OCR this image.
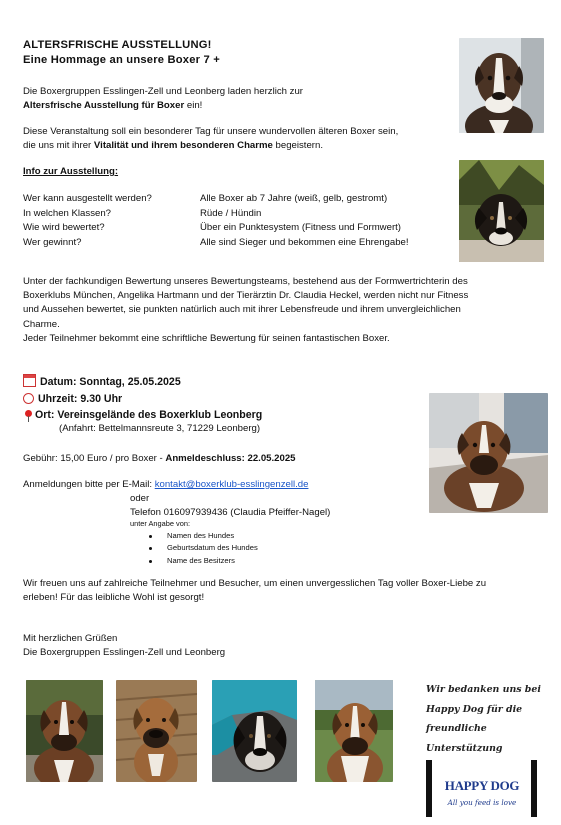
ALTERSFRISCHE AUSSTELLUNG!
Eine Hommage an unsere Boxer 7 +
Die Boxergruppen Esslingen-Zell und Leonberg laden herzlich zur
Altersfrische Ausstellung für Boxer ein!
Diese Veranstaltung soll ein besonderer Tag für unsere wundervollen älteren Boxer sein,
die uns mit ihrer Vitalität und ihrem besonderen Charme begeistern.
Info zur Ausstellung:
Wer kann ausgestellt werden?	Alle Boxer ab 7 Jahre (weiß, gelb, gestromt)
In welchen Klassen?	Rüde / Hündin
Wie wird bewertet?	Über ein Punktesystem (Fitness und Formwert)
Wer gewinnt?	Alle sind Sieger und bekommen eine Ehrengabe!
Unter der fachkundigen Bewertung unseres Bewertungsteams, bestehend aus der Formwertrichterin des
Boxerklubs München, Angelika Hartmann und der Tierärztin Dr. Claudia Heckel, werden nicht nur Fitness
und Aussehen bewertet, sie punkten natürlich auch mit ihrer Lebensfreude und ihrem unvergleichlichen
Charme.
Jeder Teilnehmer bekommt eine schriftliche Bewertung für seinen fantastischen Boxer.
Datum: Sonntag, 25.05.2025
Uhrzeit: 9.30 Uhr
Ort: Vereinsgelände des Boxerklub Leonberg
(Anfahrt: Bettelmannsreute 3, 71229 Leonberg)
Gebühr: 15,00 Euro / pro Boxer - Anmeldeschluss: 22.05.2025
Anmeldungen bitte per E-Mail: kontakt@boxerklub-esslingenzell.de
oder
Telefon 016097939436 (Claudia Pfeiffer-Nagel)
unter Angabe von:
Namen des Hundes
Geburtsdatum des Hundes
Name des Besitzers
Wir freuen uns auf zahlreiche Teilnehmer und Besucher, um einen unvergesslichen Tag voller Boxer-Liebe zu
erleben! Für das leibliche Wohl ist gesorgt!
Mit herzlichen Grüßen
Die Boxergruppen Esslingen-Zell und Leonberg
Wir bedanken uns bei
Happy Dog für die
freundliche
Unterstützung
HAPPY DOG
All you feed is love
